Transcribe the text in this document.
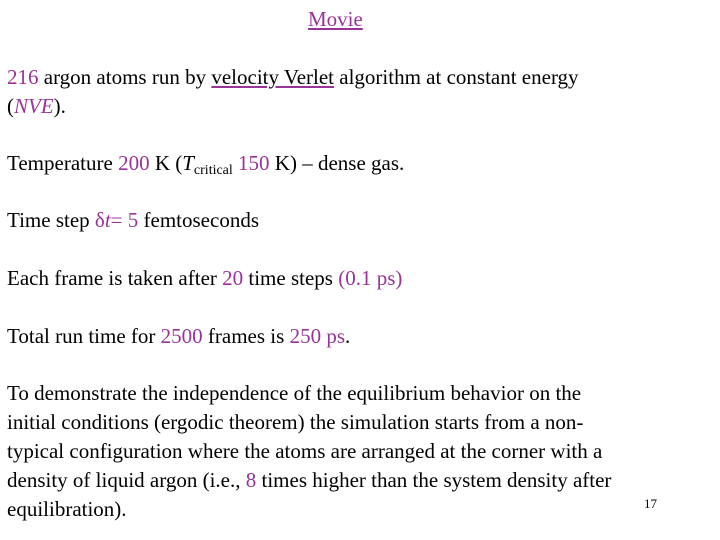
Movie
216 argon atoms run by velocity Verlet algorithm at constant energy
(NVE).
Temperature 200 K ($T_{critical}$ 150 K) – dense gas.
Time step δt= 5 femtoseconds
Each frame is taken after 20 time steps (0.1 ps)
Total run time for 2500 frames is 250 ps.
To demonstrate the independence of the equilibrium behavior on the
initial conditions (ergodic theorem) the simulation starts from a non-
typical configuration where the atoms are arranged at the corner with a
density of liquid argon (i.e., 8 times higher than the system density after
equilibration).	17
